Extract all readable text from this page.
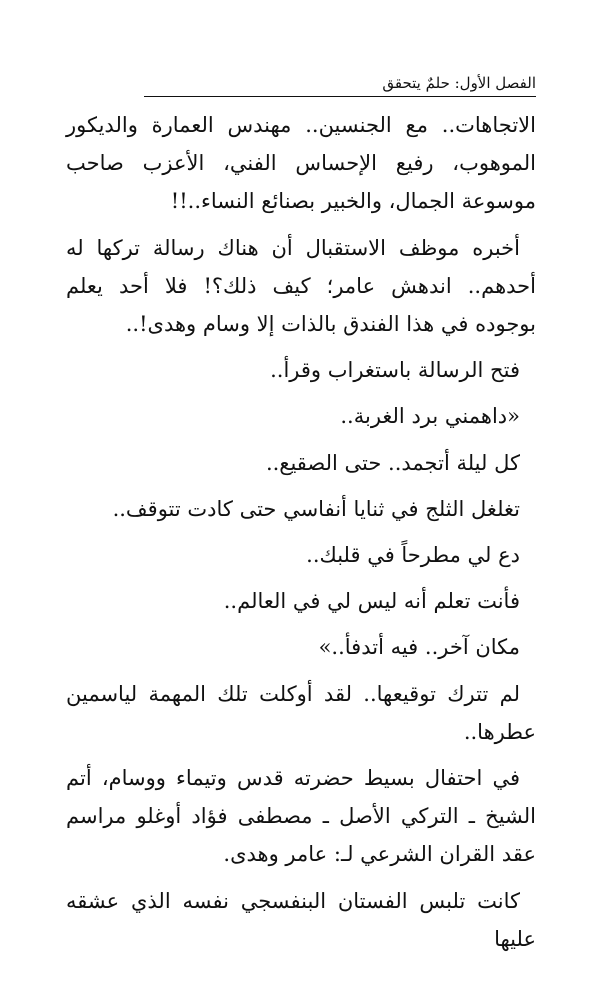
الفصل الأول: حلمٌ يتحقق

الاتجاهات.. مع الجنسين.. مهندس العمارة والديكور الموهوب، رفيع الإحساس الفني، الأعزب صاحب موسوعة الجمال، والخبير بصنائع النساء..!!

أخبره موظف الاستقبال أن هناك رسالة تركها له أحدهم.. اندهش عامر؛ كيف ذلك؟! فلا أحد يعلم بوجوده في هذا الفندق بالذات إلا وسام وهدى!..

فتح الرسالة باستغراب وقرأ..

«داهمني برد الغربة..

كل ليلة أتجمد.. حتى الصقيع..

تغلغل الثلج في ثنايا أنفاسي حتى كادت تتوقف..

دع لي مطرحاً في قلبك..

فأنت تعلم أنه ليس لي في العالم..

مكان آخر.. فيه أتدفأ..»

لم تترك توقيعها.. لقد أوكلت تلك المهمة لياسمين عطرها..

في احتفال بسيط حضرته قدس وتيماء ووسام، أتم الشيخ ـ التركي الأصل ـ مصطفى فؤاد أوغلو مراسم عقد القران الشرعي لـ: عامر وهدى.

كانت تلبس الفستان البنفسجي نفسه الذي عشقه عليها
